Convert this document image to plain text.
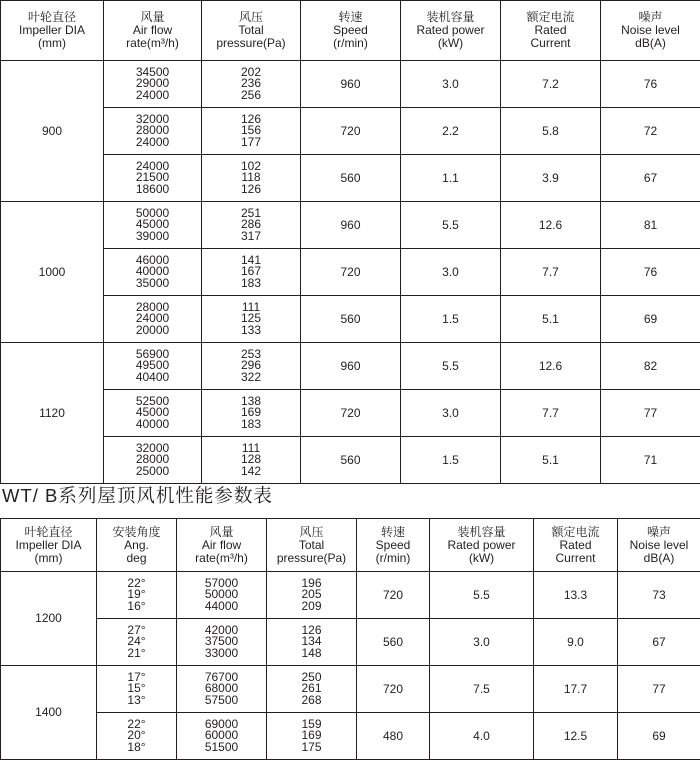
叶轮直径
Impeller DIA
(mm)	风量
Air flow
rate(m³/h)	风压
Total
pressure(Pa)	转速
Speed
(r/min)	装机容量
Rated power
(kW)	额定电流
Rated
Current	噪声
Noise level
dB(A)

900	34500
29000
24000	202
236
256	960	3.0	7.2	76

	32000
28000
24000	126
156
177	720	2.2	5.8	72

	24000
21500
18600	102
118
126	560	1.1	3.9	67
1000	50000
45000
39000	251
286
317	960	5.5	12.6	81

	46000
40000
35000	141
167
183	720	3.0	7.7	76

	28000
24000
20000	111
125
133	560	1.5	5.1	69
1120	56900
49500
40400	253
296
322	960	5.5	12.6	82

	52500
45000
40000	138
169
183	720	3.0	7.7	77

	32000
28000
25000	111
128
142	560	1.5	5.1	71
WT/ B系列屋顶风机性能参数表
叶轮直径
Impeller DIA
(mm)	安装角度
Ang.
deg	风量
Air flow
rate(m³/h)	风压
Total
pressure(Pa)	转速
Speed
(r/min)	装机容量
Rated power
(kW)	额定电流
Rated
Current	噪声
Noise level
dB(A)

1200	22°
19°
16°	57000
50000
44000	196
205
209	720	5.5	13.3	73

	27°
24°
21°	42000
37500
33000	126
134
148	560	3.0	9.0	67
1400	17°
15°
13°	76700
68000
57500	250
261
268	720	7.5	17.7	77

	22°
20°
18°	69000
60000
51500	159
169
175	480	4.0	12.5	69
